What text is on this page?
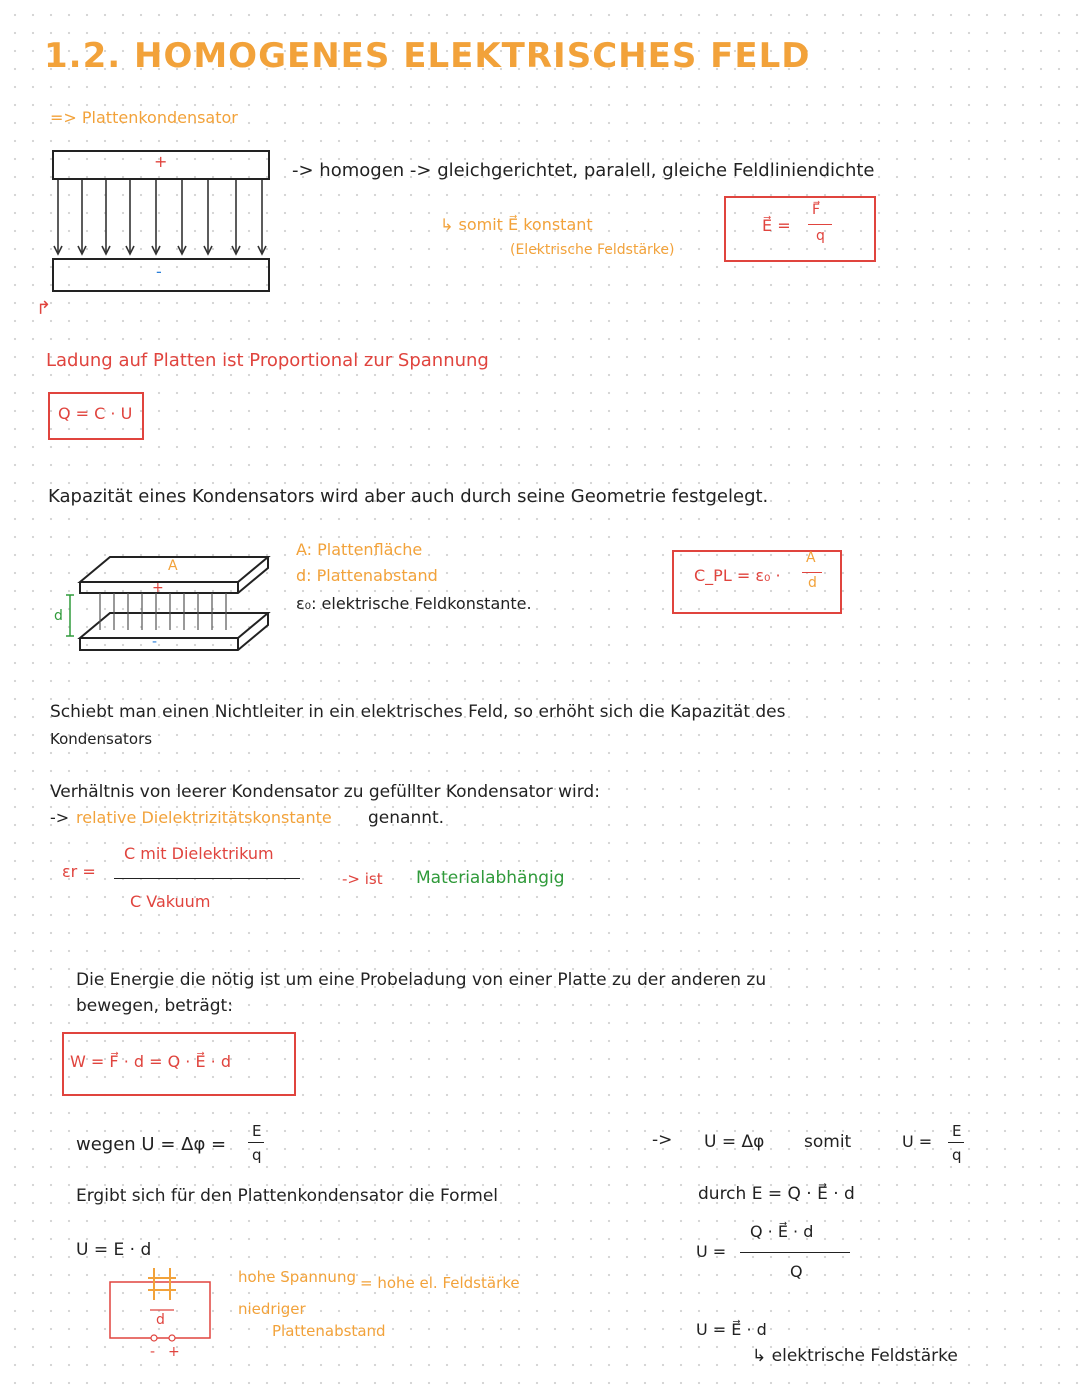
1.2. HOMOGENES ELEKTRISCHES FELD
=> Plattenkondensator
+
-
↱
-> homogen -> gleichgerichtet, paralell, gleiche Feldliniendichte
↳ somit E⃗ konstant
(Elektrische Feldstärke)
E⃗ =
F⃗
q
Ladung auf Platten ist Proportional zur Spannung
Q = C · U
Kapazität eines Kondensators wird aber auch durch seine Geometrie festgelegt.
A
+
-
d
A: Plattenfläche
d: Plattenabstand
ε₀: elektrische Feldkonstante.
C_PL = ε₀ ·
A
d
Schiebt man einen Nichtleiter in ein elektrisches Feld, so erhöht sich die Kapazität des
Kondensators
Verhältnis von leerer Kondensator zu gefüllter Kondensator wird:
-> relative Dielektrizitätskonstante genannt.
εr =
C mit Dielektrikum
C Vakuum
-> ist Materialabhängig
Die Energie die nötig ist um eine Probeladung von einer Platte zu der anderen zu
bewegen, beträgt:
W = F⃗ · d = Q · E⃗ · d
wegen U = Δφ =
E
q
Ergibt sich für den Plattenkondensator die Formel
U = E · d
d
- +
hohe Spannung = hohe el. Feldstärke
niedriger
Plattenabstand
-> U = Δφ somit	U =
E
q
durch E = Q · E⃗ · d
U =
Q · E⃗ · d
Q
U = E⃗ · d
↳ elektrische Feldstärke
